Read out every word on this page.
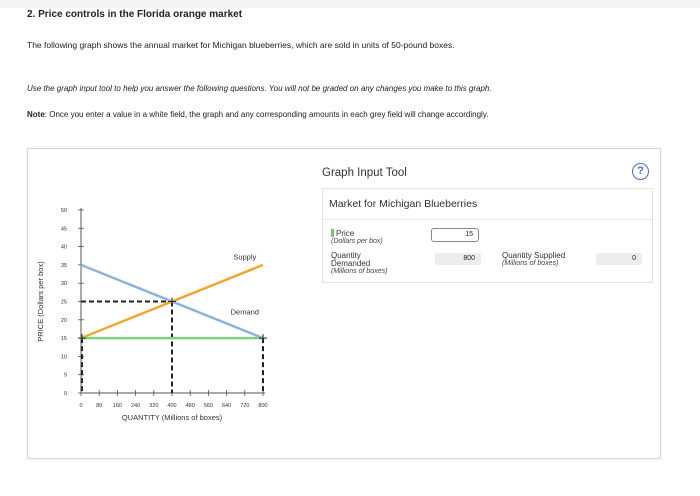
2. Price controls in the Florida orange market
The following graph shows the annual market for Michigan blueberries, which are sold in units of 50-pound boxes.
Use the graph input tool to help you answer the following questions. You will not be graded on any changes you make to this graph.
Note: Once you enter a value in a white field, the graph and any corresponding amounts in each grey field will change accordingly.
0
5
10
15
20
25
30
35
40
45
50
0 80 160 240 320 400 480 560 640 720 800
QUANTITY (Millions of boxes)
PRICE (Dollars per box)
Supply
Demand
Graph Input Tool	?
Market for Michigan Blueberries
Price
(Dollars per box)
15
Quantity
Demanded
(Millions of boxes)
800	Quantity Supplied
(Millions of boxes)
0
